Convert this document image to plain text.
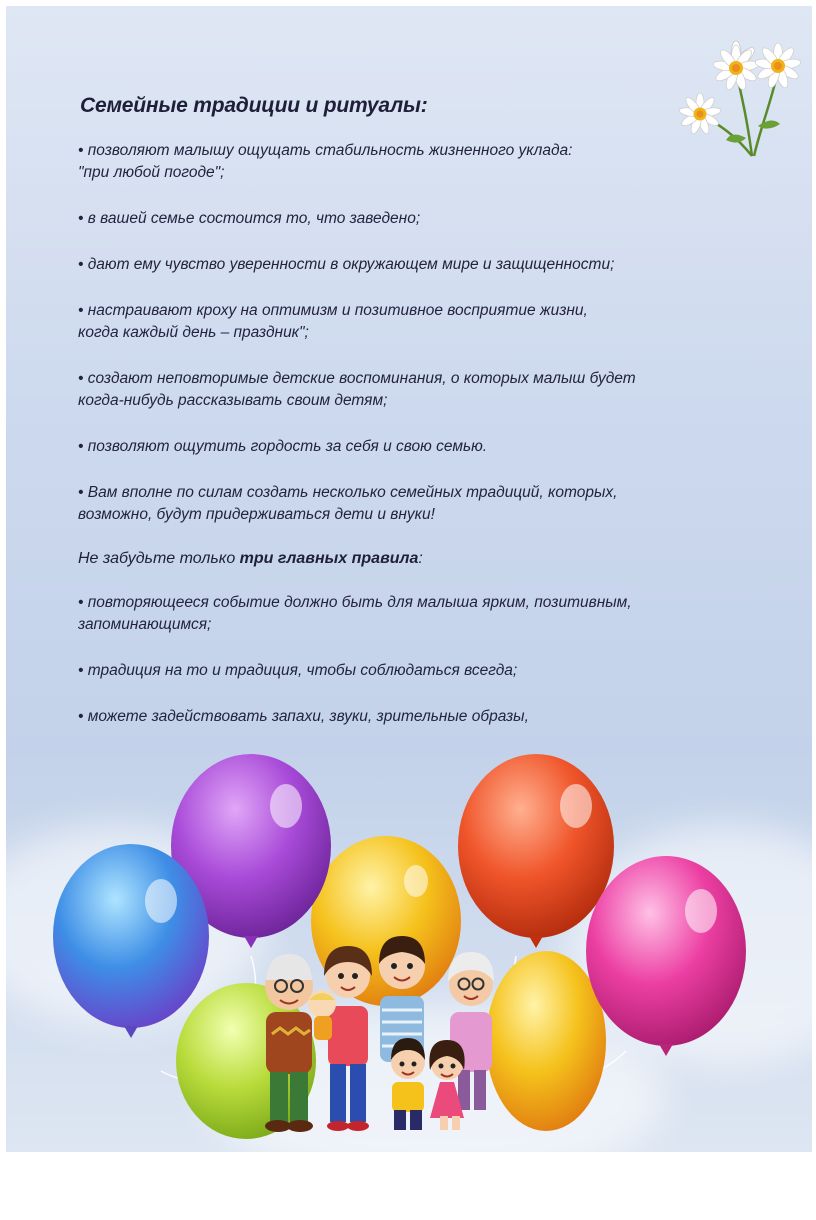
Семейные традиции и ритуалы:
• позволяют малышу ощущать стабильность жизненного уклада:
"при любой погоде";
• в вашей семье состоится то, что заведено;
• дают ему чувство уверенности в окружающем мире и защищенности;
• настраивают кроху на оптимизм и позитивное восприятие жизни,
когда каждый день – праздник";
• создают неповторимые детские воспоминания, о которых малыш будет
когда-нибудь рассказывать своим детям;
• позволяют ощутить гордость за себя и свою семью.
• Вам вполне по силам создать несколько семейных традиций, которых,
возможно, будут придерживаться дети и внуки!
Не забудьте только три главных правила:
• повторяющееся событие должно быть для малыша ярким, позитивным,
запоминающимся;
• традиция на то и традиция, чтобы соблюдаться всегда;
• можете задействовать запахи, звуки, зрительные образы,
